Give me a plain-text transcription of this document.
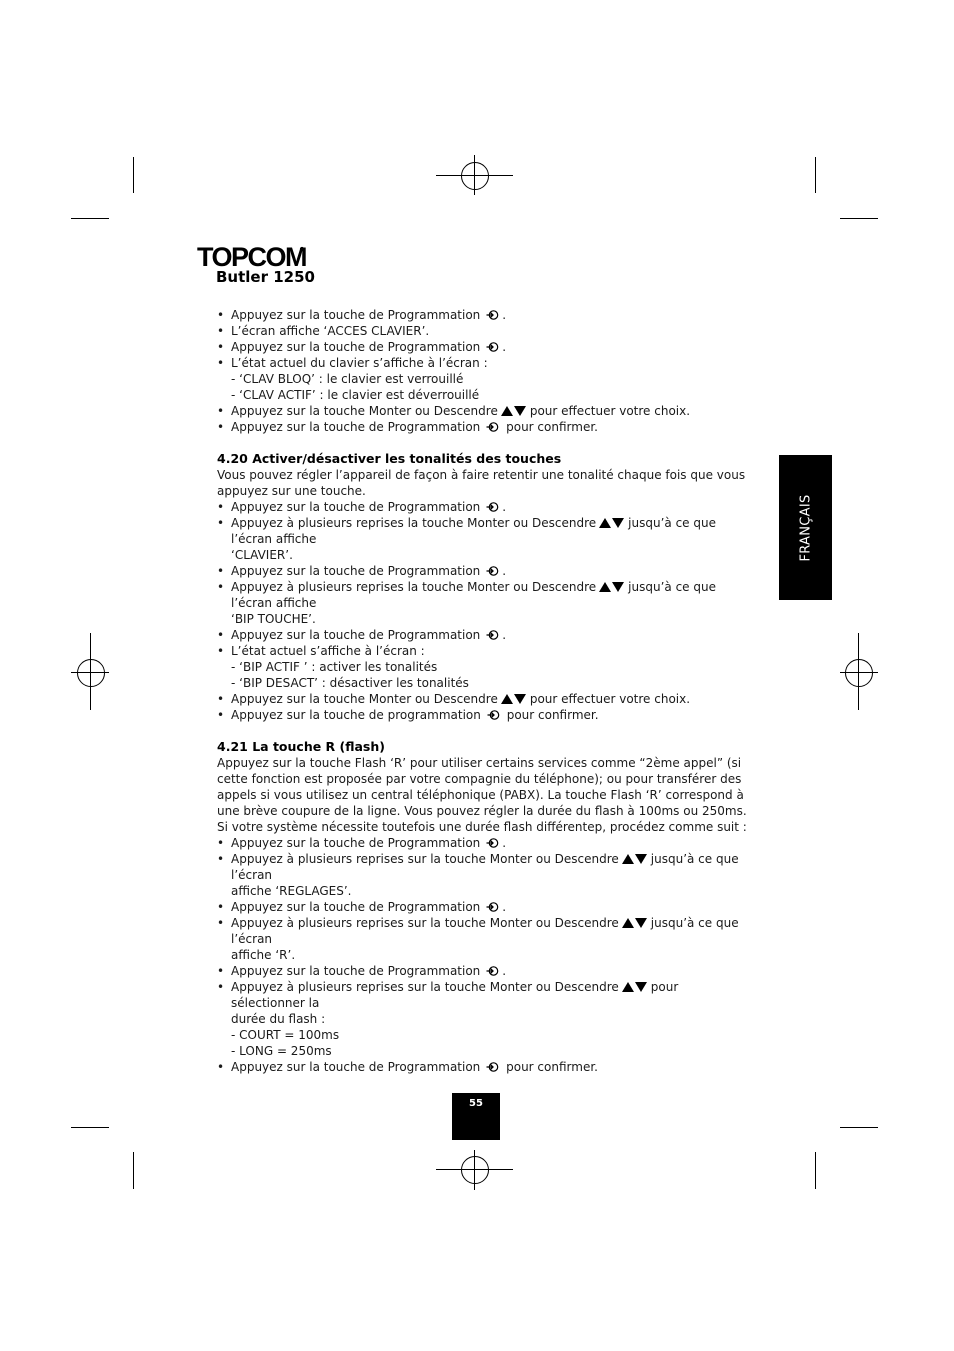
TOPCOM
Butler 1250
FRANÇAIS
55

• Appuyez sur la touche de Programmation .

• L’écran affiche ‘ACCES CLAVIER’.

• Appuyez sur la touche de Programmation .

• L’état actuel du clavier s’affiche à l’écran :

- ‘CLAV BLOQ’ : le clavier est verrouillé

- ‘CLAV ACTIF’ : le clavier est déverrouillé

• Appuyez sur la touche Monter ou Descendre	pour effectuer votre choix.

• Appuyez sur la touche de Programmation pour confirmer.

4.20 Activer/désactiver les tonalités des touches

Vous pouvez régler l’appareil de façon à faire retentir une tonalité chaque fois que vous appuyez sur une touche.

• Appuyez sur la touche de Programmation .

• Appuyez à plusieurs reprises la touche Monter ou Descendre	jusqu’à ce que l’écran affiche
‘CLAVIER’.

• Appuyez sur la touche de Programmation .

• Appuyez à plusieurs reprises la touche Monter ou Descendre	jusqu’à ce que l’écran affiche
‘BIP TOUCHE’.

• Appuyez sur la touche de Programmation .

• L’état actuel s’affiche à l’écran :

- ‘BIP ACTIF ’ : activer les tonalités

- ‘BIP DESACT’ : désactiver les tonalités

• Appuyez sur la touche Monter ou Descendre	pour effectuer votre choix.

• Appuyez sur la touche de programmation pour confirmer.

4.21 La touche R (flash)

Appuyez sur la touche Flash ‘R’ pour utiliser certains services comme “2ème appel” (si cette fonction est proposée par votre compagnie du téléphone); ou pour transférer des appels si vous utilisez un central téléphonique (PABX). La touche Flash ‘R’ correspond à une brève coupure de la ligne. Vous pouvez régler la durée du flash à 100ms ou 250ms. Si votre système nécessite toutefois une durée flash différentep, procédez comme suit :

• Appuyez sur la touche de Programmation .

• Appuyez à plusieurs reprises sur la touche Monter ou Descendre	jusqu’à ce que l’écran
affiche ‘REGLAGES’.

• Appuyez sur la touche de Programmation .

• Appuyez à plusieurs reprises sur la touche Monter ou Descendre	jusqu’à ce que l’écran
affiche ‘R’.

• Appuyez sur la touche de Programmation .

• Appuyez à plusieurs reprises sur la touche Monter ou Descendre	pour sélectionner la
durée du flash :

- COURT = 100ms

- LONG = 250ms

• Appuyez sur la touche de Programmation pour confirmer.
